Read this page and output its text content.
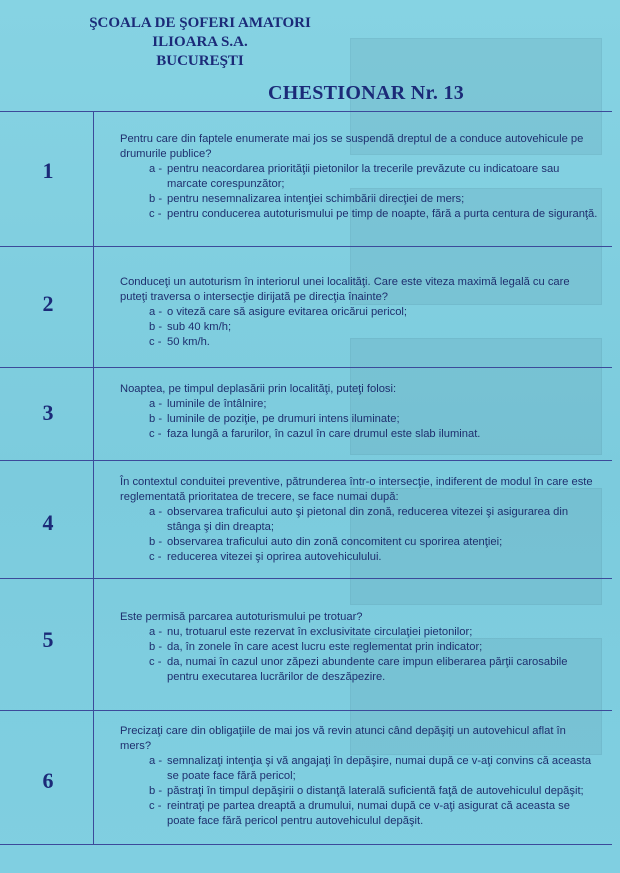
ŞCOALA DE ŞOFERI AMATORI
ILIOARA S.A.
BUCUREŞTI
CHESTIONAR Nr. 13
1

Pentru care din faptele enumerate mai jos se suspendă dreptul de a conduce autovehicule pe drumurile publice?

a - pentru neacordarea priorităţii pietonilor la trecerile prevăzute cu indicatoare sau marcate corespunzător;
b - pentru nesemnalizarea intenţiei schimbării direcţiei de mers;
c - pentru conducerea autoturismului pe timp de noapte, fără a purta centura de siguranţă.
2

Conduceţi un autoturism în interiorul unei localităţi. Care este viteza maximă legală cu care puteţi traversa o intersecţie dirijată pe direcţia înainte?

a - o viteză care să asigure evitarea oricărui pericol;
b - sub 40 km/h;
c - 50 km/h.
3

Noaptea, pe timpul deplasării prin localităţi, puteţi folosi:

a - luminile de întâlnire;
b - luminile de poziţie, pe drumuri intens iluminate;
c - faza lungă a farurilor, în cazul în care drumul este slab iluminat.
4

În contextul conduitei preventive, pătrunderea într-o intersecţie, indiferent de modul în care este reglementată prioritatea de trecere, se face numai după:

a - observarea traficului auto şi pietonal din zonă, reducerea vitezei şi asigurarea din stânga şi din dreapta;
b - observarea traficului auto din zonă concomitent cu sporirea atenţiei;
c - reducerea vitezei şi oprirea autovehiculului.
5

Este permisă parcarea autoturismului pe trotuar?

a - nu, trotuarul este rezervat în exclusivitate circulaţiei pietonilor;
b - da, în zonele în care acest lucru este reglementat prin indicator;
c - da, numai în cazul unor zăpezi abundente care impun eliberarea părţii carosabile pentru executarea lucrărilor de deszăpezire.
6

Precizaţi care din obligaţiile de mai jos vă revin atunci când depăşiţi un autovehicul aflat în mers?

a - semnalizaţi intenţia şi vă angajaţi în depăşire, numai după ce v-aţi convins că aceasta se poate face fără pericol;
b - păstraţi în timpul depăşirii o distanţă laterală suficientă faţă de autovehiculul depăşit;
c - reintraţi pe partea dreaptă a drumului, numai după ce v-aţi asigurat că aceasta se poate face fără pericol pentru autovehiculul depăşit.
